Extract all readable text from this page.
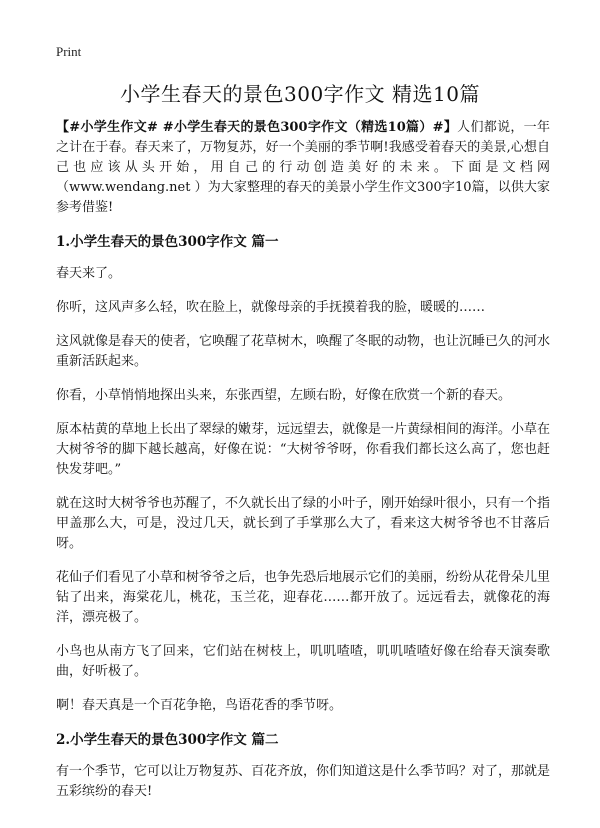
Print
小学生春天的景色300字作文 精选10篇

【#小学生作文# #小学生春天的景色300字作文（精选10篇）#】人们都说，一年之计在于春。春天来了，万物复苏，好一个美丽的季节啊!我感受着春天的美景,心想自己也应该从头开始，用自己的行动创造美好的未来。下面是文档网（www.wendang.net ）为大家整理的春天的美景小学生作文300字10篇，以供大家参考借鉴!

1.小学生春天的景色300字作文 篇一

春天来了。

你听，这风声多么轻，吹在脸上，就像母亲的手抚摸着我的脸，暖暖的……

这风就像是春天的使者，它唤醒了花草树木，唤醒了冬眠的动物，也让沉睡已久的河水重新活跃起来。

你看，小草悄悄地探出头来，东张西望，左顾右盼，好像在欣赏一个新的春天。

原本枯黄的草地上长出了翠绿的嫩芽，远远望去，就像是一片黄绿相间的海洋。小草在大树爷爷的脚下越长越高，好像在说：“大树爷爷呀，你看我们都长这么高了，您也赶快发芽吧。”

就在这时大树爷爷也苏醒了，不久就长出了绿的小叶子，刚开始绿叶很小，只有一个指甲盖那么大，可是，没过几天，就长到了手掌那么大了，看来这大树爷爷也不甘落后呀。

花仙子们看见了小草和树爷爷之后，也争先恐后地展示它们的美丽，纷纷从花骨朵儿里钻了出来，海棠花儿，桃花，玉兰花，迎春花……都开放了。远远看去，就像花的海洋，漂亮极了。

小鸟也从南方飞了回来，它们站在树枝上，叽叽喳喳，叽叽喳喳好像在给春天演奏歌曲，好听极了。

啊！春天真是一个百花争艳，鸟语花香的季节呀。

2.小学生春天的景色300字作文 篇二

有一个季节，它可以让万物复苏、百花齐放，你们知道这是什么季节吗？对了，那就是五彩缤纷的春天!
